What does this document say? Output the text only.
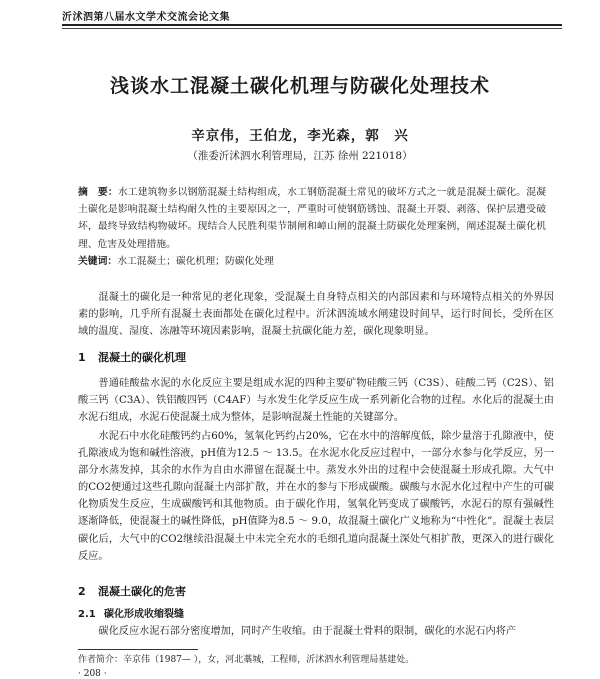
沂沭泗第八届水文学术交流会论文集
浅谈水工混凝土碳化机理与防碳化处理技术
辛京伟，王伯龙，李光森，郭　兴
（淮委沂沭泗水利管理局，江苏 徐州 221018）
摘　要：水工建筑物多以钢筋混凝土结构组成，水工钢筋混凝土常见的破坏方式之一就是混凝土碳化。混凝土碳化是影响混凝土结构耐久性的主要原因之一，严重时可使钢筋锈蚀、混凝土开裂、剥落、保护层遭受破坏，最终导致结构物破坏。现结合人民胜利渠节制闸和嶂山闸的混凝土防碳化处理案例，阐述混凝土碳化机理、危害及处理措施。
关键词：水工混凝土；碳化机理；防碳化处理
混凝土的碳化是一种常见的老化现象，受混凝土自身特点相关的内部因素和与环境特点相关的外界因素的影响，几乎所有混凝土表面都处在碳化过程中。沂沭泗流域水闸建设时间早，运行时间长，受所在区域的温度、湿度、冻融等环境因素影响，混凝土抗碳化能力差，碳化现象明显。
1 混凝土的碳化机理
普通硅酸盐水泥的水化反应主要是组成水泥的四种主要矿物硅酸三钙（C3S）、硅酸二钙（C2S）、铝酸三钙（C3A）、铁铝酸四钙（C4AF）与水发生化学反应生成一系列新化合物的过程。水化后的混凝土由水泥石组成，水泥石使混凝土成为整体，是影响混凝土性能的关键部分。
水泥石中水化硅酸钙约占60%，氢氧化钙约占20%，它在水中的溶解度低，除少量溶于孔隙液中，使孔隙液成为饱和碱性溶液，pH值为12.5 ～ 13.5。在水泥水化反应过程中，一部分水参与化学反应，另一部分水蒸发掉，其余的水作为自由水滞留在混凝土中。蒸发水外出的过程中会使混凝土形成孔隙。大气中的CO2便通过这些孔隙向混凝土内部扩散，并在水的参与下形成碳酸。碳酸与水泥水化过程中产生的可碳化物质发生反应，生成碳酸钙和其他物质。由于碳化作用，氢氧化钙变成了碳酸钙，水泥石的原有强碱性逐渐降低，使混凝土的碱性降低，pH值降为8.5 ～ 9.0，故混凝土碳化广义地称为“中性化”。混凝土表层碳化后，大气中的CO2继续沿混凝土中未完全充水的毛细孔道向混凝土深处气相扩散，更深入的进行碳化反应。
2 混凝土碳化的危害
2.1 碳化形成收缩裂缝
碳化反应水泥石部分密度增加，同时产生收缩。由于混凝土骨料的限制，碳化的水泥石内将产
作者简介：辛京伟（1987— ），女，河北藁城，工程师，沂沭泗水利管理局基建处。
· 208 ·
